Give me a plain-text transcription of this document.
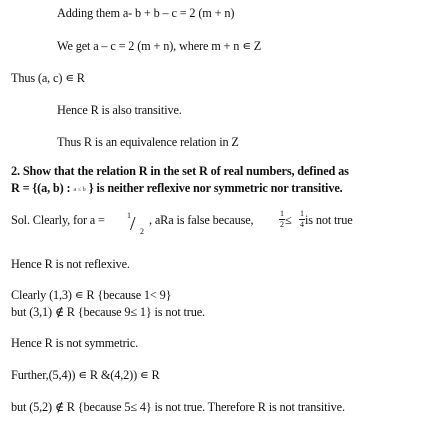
Adding them a- b + b – c = 2 (m + n)
We get a – c = 2 (m + n), where m + n ∊ Z
Thus (a, c) ∊ R
Hence R is also transitive.
Thus R is an equivalence relation in Z
2. Show that the relation R in the set R of real numbers, defined as
R = {(a, b) : a ≤ b } is neither reflexive nor symmetric nor transitive.
Sol. Clearly, for a =	1 / 2
, aRa is false because,	1
2 ≤ 1
4 is not true
Hence R is not reflexive.
Clearly (1,3) ∊ R {because 1< 9}
but (3,1) ∉ R {because 9≤ 1} is not true.
Hence R is not symmetric.
Further,(5,4)) ∊ R &(4,2)) ∊ R
but (5,2) ∉ R {because 5≤ 4} is not true. Therefore R is not transitive.
